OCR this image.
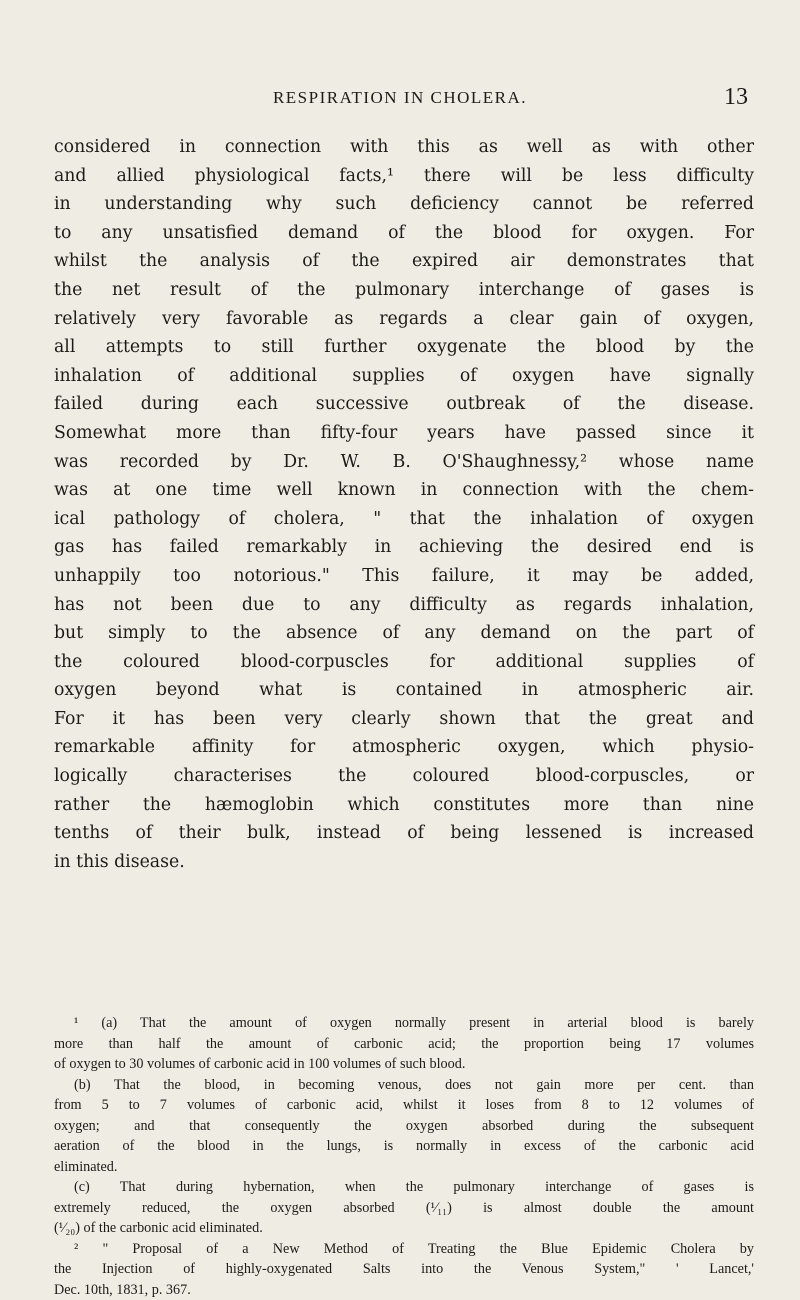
RESPIRATION IN CHOLERA.	13
considered in connection with this as well as with other
and allied physiological facts,¹ there will be less difficulty
in understanding why such deficiency cannot be referred
to any unsatisfied demand of the blood for oxygen. For
whilst the analysis of the expired air demonstrates that
the net result of the pulmonary interchange of gases is
relatively very favorable as regards a clear gain of oxygen,
all attempts to still further oxygenate the blood by the
inhalation of additional supplies of oxygen have signally
failed during each successive outbreak of the disease.
Somewhat more than fifty-four years have passed since it
was recorded by Dr. W. B. O'Shaughnessy,² whose name
was at one time well known in connection with the chem-
ical pathology of cholera, " that the inhalation of oxygen
gas has failed remarkably in achieving the desired end is
unhappily too notorious." This failure, it may be added,
has not been due to any difficulty as regards inhalation,
but simply to the absence of any demand on the part of
the coloured blood-corpuscles for additional supplies of
oxygen beyond what is contained in atmospheric air.
For it has been very clearly shown that the great and
remarkable affinity for atmospheric oxygen, which physio-
logically characterises the coloured blood-corpuscles, or
rather the hæmoglobin which constitutes more than nine
tenths of their bulk, instead of being lessened is increased
in this disease.
¹ (a) That the amount of oxygen normally present in arterial blood is barely
more than half the amount of carbonic acid; the proportion being 17 volumes
of oxygen to 30 volumes of carbonic acid in 100 volumes of such blood.
(b) That the blood, in becoming venous, does not gain more per cent. than
from 5 to 7 volumes of carbonic acid, whilst it loses from 8 to 12 volumes of
oxygen; and that consequently the oxygen absorbed during the subsequent
aeration of the blood in the lungs, is normally in excess of the carbonic acid
eliminated.
(c) That during hybernation, when the pulmonary interchange of gases is
extremely reduced, the oxygen absorbed (¹⁄₁₁) is almost double the amount
(¹⁄₂₀) of the carbonic acid eliminated.
² " Proposal of a New Method of Treating the Blue Epidemic Cholera by
the Injection of highly-oxygenated Salts into the Venous System," ' Lancet,'
Dec. 10th, 1831, p. 367.
